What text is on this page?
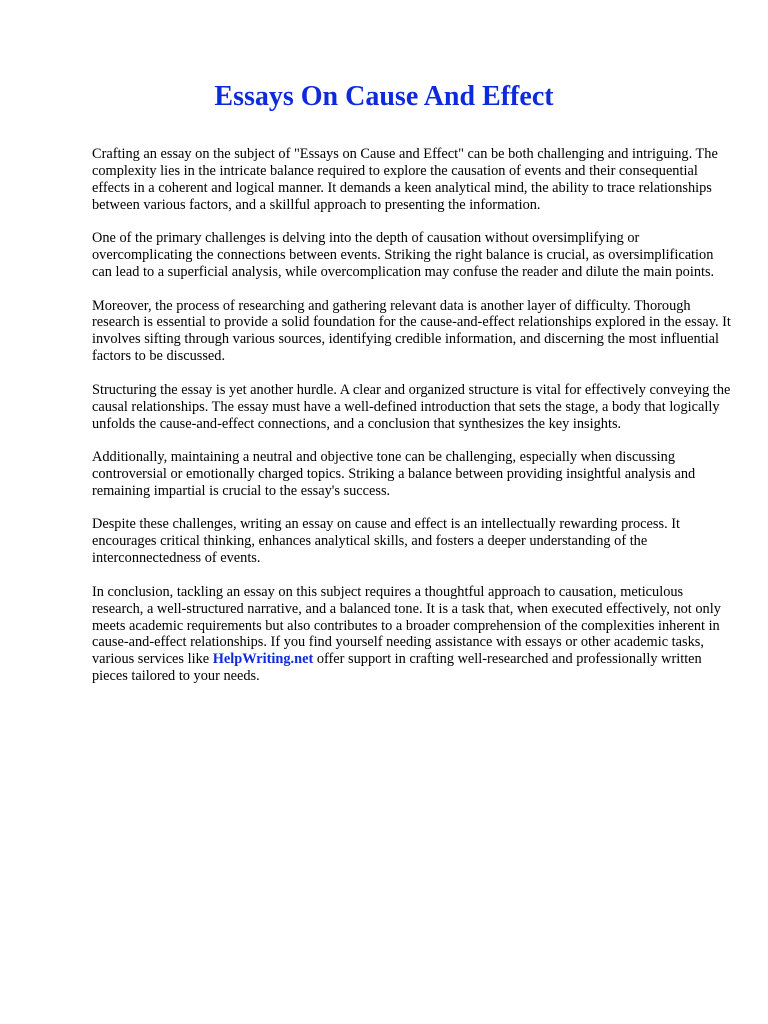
Essays On Cause And Effect

Crafting an essay on the subject of "Essays on Cause and Effect" can be both challenging and intriguing. The complexity lies in the intricate balance required to explore the causation of events and their consequential effects in a coherent and logical manner. It demands a keen analytical mind, the ability to trace relationships between various factors, and a skillful approach to presenting the information.

One of the primary challenges is delving into the depth of causation without oversimplifying or overcomplicating the connections between events. Striking the right balance is crucial, as oversimplification can lead to a superficial analysis, while overcomplication may confuse the reader and dilute the main points.

Moreover, the process of researching and gathering relevant data is another layer of difficulty. Thorough research is essential to provide a solid foundation for the cause-and-effect relationships explored in the essay. It involves sifting through various sources, identifying credible information, and discerning the most influential factors to be discussed.

Structuring the essay is yet another hurdle. A clear and organized structure is vital for effectively conveying the causal relationships. The essay must have a well-defined introduction that sets the stage, a body that logically unfolds the cause-and-effect connections, and a conclusion that synthesizes the key insights.

Additionally, maintaining a neutral and objective tone can be challenging, especially when discussing controversial or emotionally charged topics. Striking a balance between providing insightful analysis and remaining impartial is crucial to the essay's success.

Despite these challenges, writing an essay on cause and effect is an intellectually rewarding process. It encourages critical thinking, enhances analytical skills, and fosters a deeper understanding of the interconnectedness of events.

In conclusion, tackling an essay on this subject requires a thoughtful approach to causation, meticulous research, a well-structured narrative, and a balanced tone. It is a task that, when executed effectively, not only meets academic requirements but also contributes to a broader comprehension of the complexities inherent in cause-and-effect relationships. If you find yourself needing assistance with essays or other academic tasks, various services like HelpWriting.net offer support in crafting well-researched and professionally written pieces tailored to your needs.
